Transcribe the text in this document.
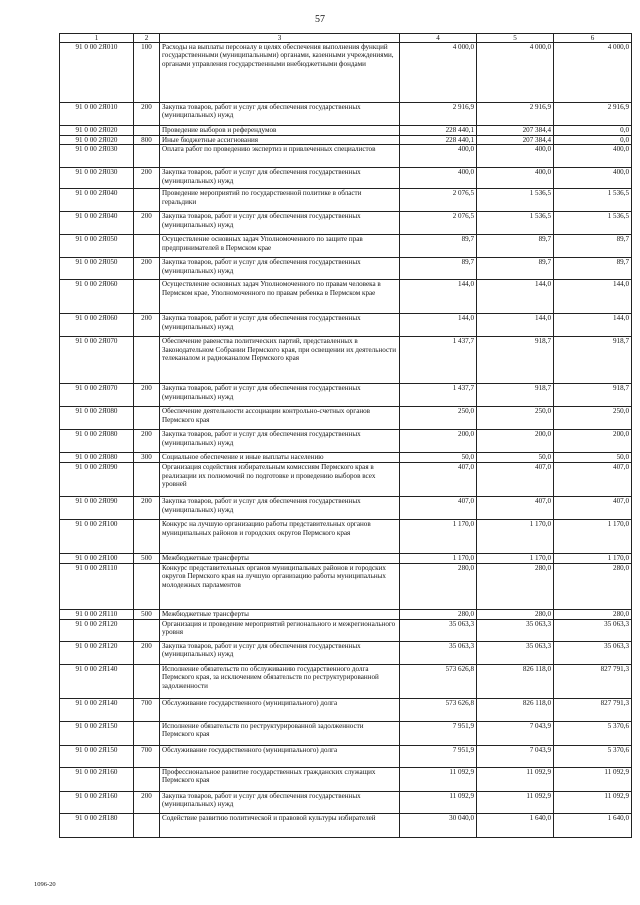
57
1	2	3	4	5	6
91 0 00 2Я010	100	Расходы на выплаты персоналу в целях обеспечения выполнения функций государственными (муниципальными) органами, казенными учреждениями, органами управления государственными внебюджетными фондами	4 000,0	4 000,0	4 000,0
91 0 00 2Я010	200	Закупка товаров, работ и услуг для обеспечения государственных (муниципальных) нужд	2 916,9	2 916,9	2 916,9
91 0 00 2Я020		Проведение выборов и референдумов	228 440,1	207 384,4	0,0
91 0 00 2Я020	800	Иные бюджетные ассигнования	228 440,1	207 384,4	0,0
91 0 00 2Я030		Оплата работ по проведению экспертиз и привлеченных специалистов	400,0	400,0	400,0
91 0 00 2Я030	200	Закупка товаров, работ и услуг для обеспечения государственных (муниципальных) нужд	400,0	400,0	400,0
91 0 00 2Я040		Проведение мероприятий по государственной политике в области геральдики	2 076,5	1 536,5	1 536,5
91 0 00 2Я040	200	Закупка товаров, работ и услуг для обеспечения государственных (муниципальных) нужд	2 076,5	1 536,5	1 536,5
91 0 00 2Я050		Осуществление основных задач Уполномоченного по защите прав предпринимателей в Пермском крае	89,7	89,7	89,7
91 0 00 2Я050	200	Закупка товаров, работ и услуг для обеспечения государственных (муниципальных) нужд	89,7	89,7	89,7
91 0 00 2Я060		Осуществление основных задач Уполномоченного по правам человека в Пермском крае, Уполномоченного по правам ребенка в Пермском крае	144,0	144,0	144,0
91 0 00 2Я060	200	Закупка товаров, работ и услуг для обеспечения государственных (муниципальных) нужд	144,0	144,0	144,0
91 0 00 2Я070		Обеспечение равенства политических партий, представленных в Законодательном Собрании Пермского края, при освещении их деятельности телеканалом и радиоканалом Пермского края	1 437,7	918,7	918,7
91 0 00 2Я070	200	Закупка товаров, работ и услуг для обеспечения государственных (муниципальных) нужд	1 437,7	918,7	918,7
91 0 00 2Я080		Обеспечение деятельности ассоциации контрольно-счетных органов Пермского края	250,0	250,0	250,0
91 0 00 2Я080	200	Закупка товаров, работ и услуг для обеспечения государственных (муниципальных) нужд	200,0	200,0	200,0
91 0 00 2Я080	300	Социальное обеспечение и иные выплаты населению	50,0	50,0	50,0
91 0 00 2Я090		Организация содействия избирательным комиссиям Пермского края в реализации их полномочий по подготовке и проведению выборов всех уровней	407,0	407,0	407,0
91 0 00 2Я090	200	Закупка товаров, работ и услуг для обеспечения государственных (муниципальных) нужд	407,0	407,0	407,0
91 0 00 2Я100		Конкурс на лучшую организацию работы представительных органов муниципальных районов и городских округов Пермского края	1 170,0	1 170,0	1 170,0
91 0 00 2Я100	500	Межбюджетные трансферты	1 170,0	1 170,0	1 170,0
91 0 00 2Я110		Конкурс представительных органов муниципальных районов и городских округов Пермского края на лучшую организацию работы муниципальных молодежных парламентов	280,0	280,0	280,0
91 0 00 2Я110	500	Межбюджетные трансферты	280,0	280,0	280,0
91 0 00 2Я120		Организация и проведение мероприятий регионального и межрегионального уровня	35 063,3	35 063,3	35 063,3
91 0 00 2Я120	200	Закупка товаров, работ и услуг для обеспечения государственных (муниципальных) нужд	35 063,3	35 063,3	35 063,3
91 0 00 2Я140		Исполнение обязательств по обслуживанию государственного долга Пермского края, за исключением обязательств по реструктурированной задолженности	573 626,8	826 118,0	827 791,3
91 0 00 2Я140	700	Обслуживание государственного (муниципального) долга	573 626,8	826 118,0	827 791,3
91 0 00 2Я150		Исполнение обязательств по реструктурированной задолженности Пермского края	7 951,9	7 043,9	5 370,6
91 0 00 2Я150	700	Обслуживание государственного (муниципального) долга	7 951,9	7 043,9	5 370,6
91 0 00 2Я160		Профессиональное развитие государственных гражданских служащих Пермского края	11 092,9	11 092,9	11 092,9
91 0 00 2Я160	200	Закупка товаров, работ и услуг для обеспечения государственных (муниципальных) нужд	11 092,9	11 092,9	11 092,9
91 0 00 2Я180		Содействие развитию политической и правовой культуры избирателей	30 040,0	1 640,0	1 640,0
1096-20
